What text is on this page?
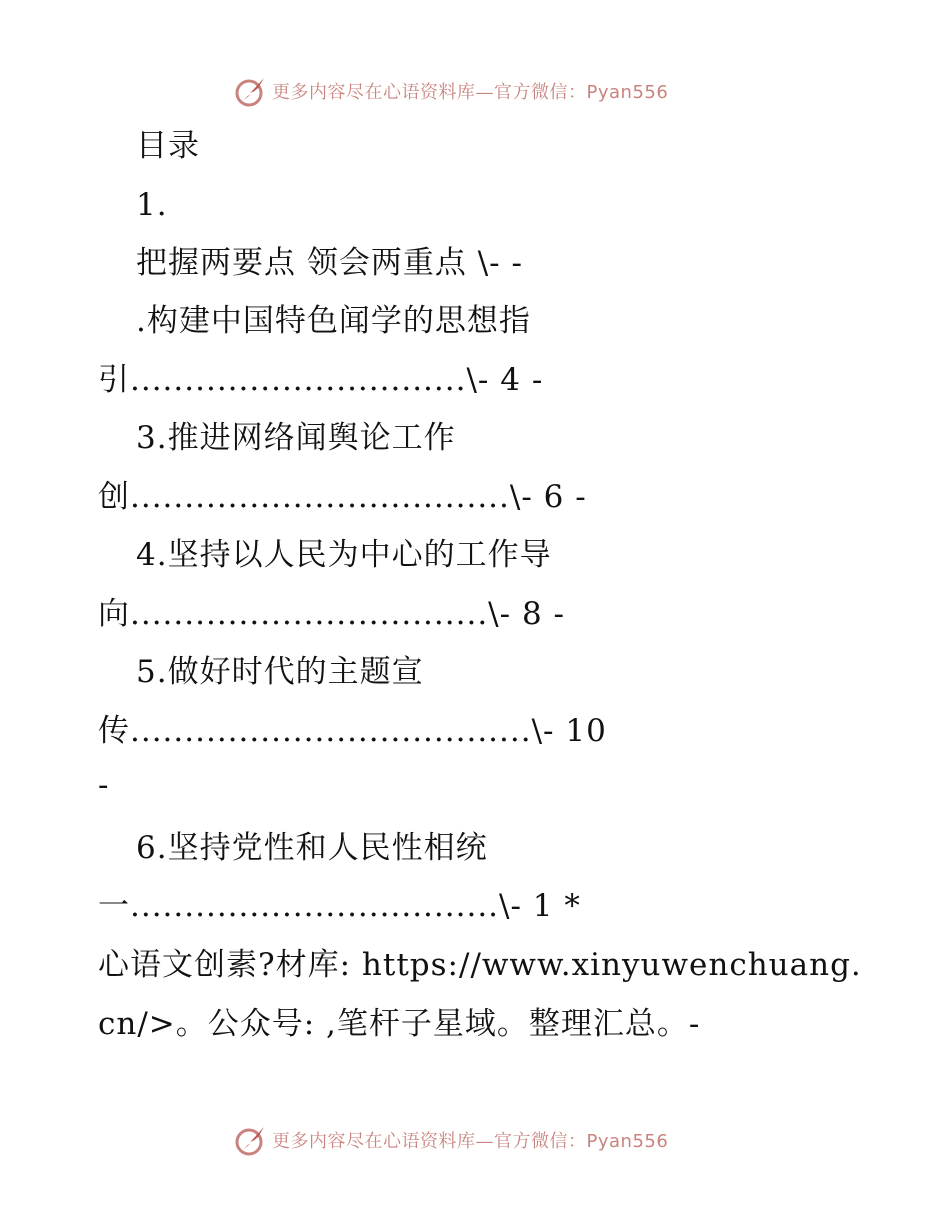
更多内容尽在心语资料库—官方微信：Pyan556
目录
1.
把握两要点 领会两重点 \- -
.构建中国特色闻学的思想指
引...............................\- 4 -
3.推进网络闻舆论工作
创...................................\- 6 -
4.坚持以人民为中心的工作导
向.................................\- 8 -
5.做好时代的主题宣
传.....................................\- 10
-
6.坚持党性和人民性相统
一..................................\- 1 *
心语文创素?材库: https://www.xinyuwenchuang.
cn/>。公众号: ,笔杆子星域。整理汇总。-
更多内容尽在心语资料库—官方微信：Pyan556
